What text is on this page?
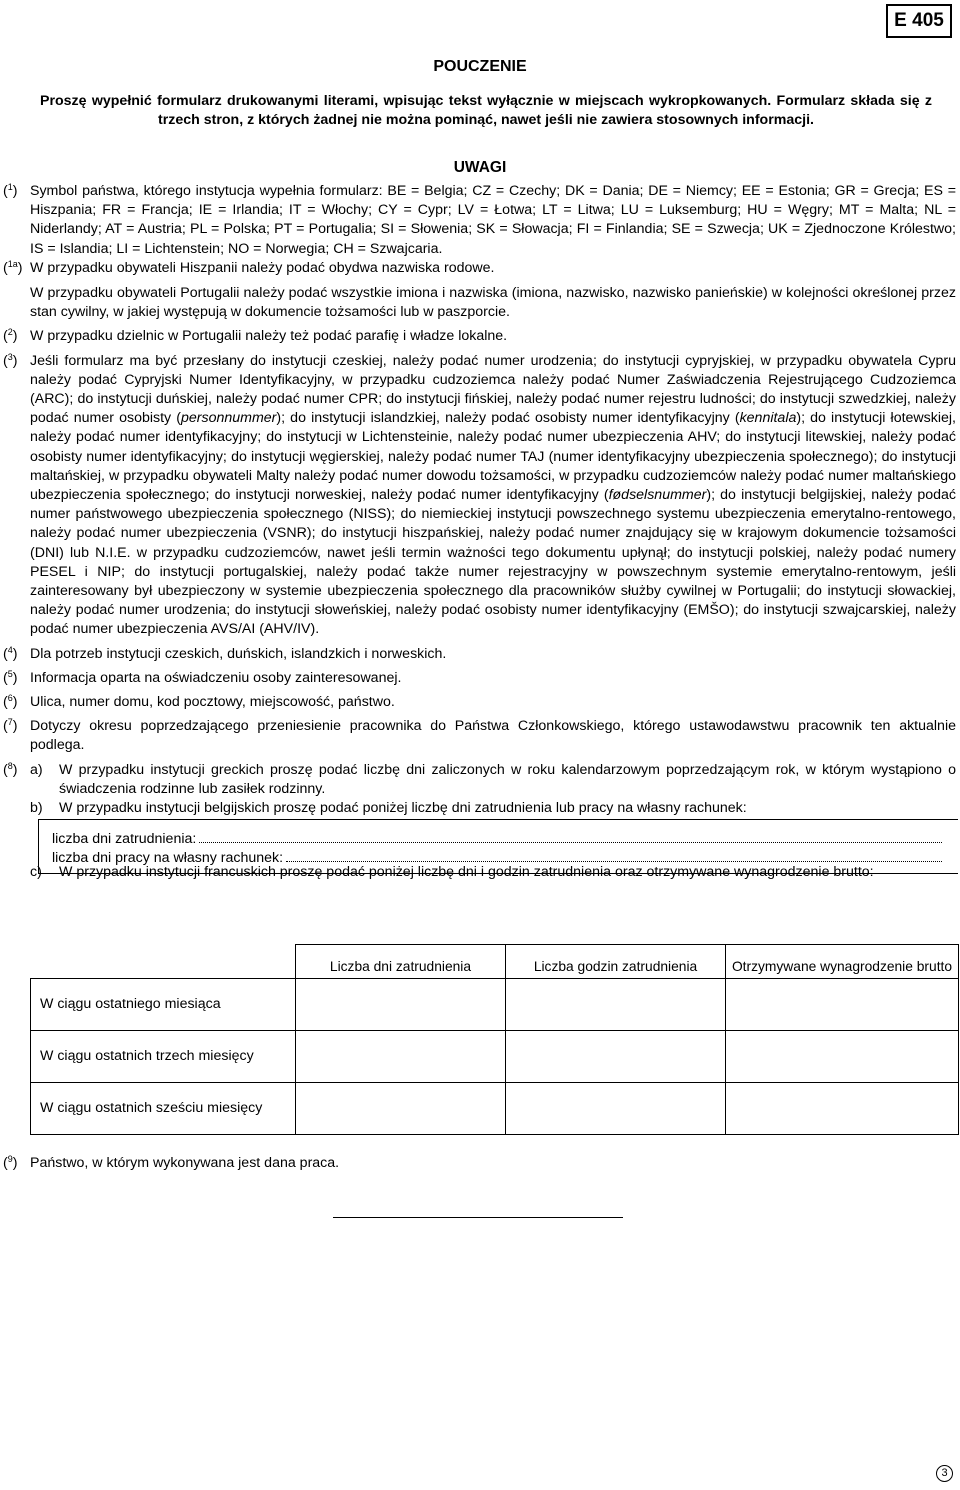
E 405
POUCZENIE
Proszę wypełnić formularz drukowanymi literami, wpisując tekst wyłącznie w miejscach wykropkowanych. Formularz składa się z trzech stron, z których żadnej nie można pominąć, nawet jeśli nie zawiera stosownych informacji.
UWAGI
($^1$) Symbol państwa, którego instytucja wypełnia formularz: BE = Belgia; CZ = Czechy; DK = Dania; DE = Niemcy; EE = Estonia; GR = Grecja; ES = Hiszpania; FR = Francja; IE = Irlandia; IT = Włochy; CY = Cypr; LV = Łotwa; LT = Litwa; LU = Luksemburg; HU = Węgry; MT = Malta; NL = Niderlandy; AT = Austria; PL = Polska; PT = Portugalia; SI = Słowenia; SK = Słowacja; FI = Finlandia; SE = Szwecja; UK = Zjednoczone Królestwo; IS = Islandia; LI = Lichtenstein; NO = Norwegia; CH = Szwajcaria.

($^{1a}$) W przypadku obywateli Hiszpanii należy podać obydwa nazwiska rodowe.

W przypadku obywateli Portugalii należy podać wszystkie imiona i nazwiska (imiona, nazwisko, nazwisko panieńskie) w kolejności określonej przez stan cywilny, w jakiej występują w dokumencie tożsamości lub w paszporcie.
($^2$) W przypadku dzielnic w Portugalii należy też podać parafię i władze lokalne.

($^3$) Jeśli formularz ma być przesłany do instytucji czeskiej, należy podać numer urodzenia; do instytucji cypryjskiej, w przypadku obywatela Cypru należy podać Cypryjski Numer Identyfikacyjny, w przypadku cudzoziemca należy podać Numer Zaświadczenia Rejestrującego Cudzoziemca (ARC); do instytucji duńskiej, należy podać numer CPR; do instytucji fińskiej, należy podać numer rejestru ludności; do instytucji szwedzkiej, należy podać numer osobisty (personnummer); do instytucji islandzkiej, należy podać osobisty numer identyfikacyjny (kennitala); do instytucji łotewskiej, należy podać numer identyfikacyjny; do instytucji w Lichtensteinie, należy podać numer ubezpieczenia AHV; do instytucji litewskiej, należy podać osobisty numer identyfikacyjny; do instytucji węgierskiej, należy podać numer TAJ (numer identyfikacyjny ubezpieczenia społecznego); do instytucji maltańskiej, w przypadku obywateli Malty należy podać numer dowodu tożsamości, w przypadku cudzoziemców należy podać numer maltańskiego ubezpieczenia społecznego; do instytucji norweskiej, należy podać numer identyfikacyjny (fødselsnummer); do instytucji belgijskiej, należy podać numer państwowego ubezpieczenia społecznego (NISS); do niemieckiej instytucji powszechnego systemu ubezpieczenia emerytalno-rentowego, należy podać numer ubezpieczenia (VSNR); do instytucji hiszpańskiej, należy podać numer znajdujący się w krajowym dokumencie tożsamości (DNI) lub N.I.E. w przypadku cudzoziemców, nawet jeśli termin ważności tego dokumentu upłynął; do instytucji polskiej, należy podać numery PESEL i NIP; do instytucji portugalskiej, należy podać także numer rejestracyjny w powszechnym systemie emerytalno-rentowym, jeśli zainteresowany był ubezpieczony w systemie ubezpieczenia społecznego dla pracowników służby cywilnej w Portugalii; do instytucji słowackiej, należy podać numer urodzenia; do instytucji słoweńskiej, należy podać osobisty numer identyfikacyjny (EMŠO); do instytucji szwajcarskiej, należy podać numer ubezpieczenia AVS/AI (AHV/IV).

($^4$) Dla potrzeb instytucji czeskich, duńskich, islandzkich i norweskich.

($^5$) Informacja oparta na oświadczeniu osoby zainteresowanej.

($^6$) Ulica, numer domu, kod pocztowy, miejscowość, państwo.

($^7$) Dotyczy okresu poprzedzającego przeniesienie pracownika do Państwa Członkowskiego, którego ustawodawstwu pracownik ten aktualnie podlega.

($^8$) a) W przypadku instytucji greckich proszę podać liczbę dni zaliczonych w roku kalendarzowym poprzedzającym rok, w którym wystąpiono o świadczenia rodzinne lub zasiłek rodzinny.

b) W przypadku instytucji belgijskich proszę podać poniżej liczbę dni zatrudnienia lub pracy na własny rachunek:

liczba dni zatrudnienia:
liczba dni pracy na własny rachunek:
c) W przypadku instytucji francuskich proszę podać poniżej liczbę dni i godzin zatrudnienia oraz otrzymywane wynagrodzenie brutto:

	Liczba dni zatrudnienia	Liczba godzin zatrudnienia	Otrzymywane wynagrodzenie brutto
W ciągu ostatniego miesiąca			
W ciągu ostatnich trzech miesięcy			
W ciągu ostatnich sześciu miesięcy			
($^9$) Państwo, w którym wykonywana jest dana praca.

3
